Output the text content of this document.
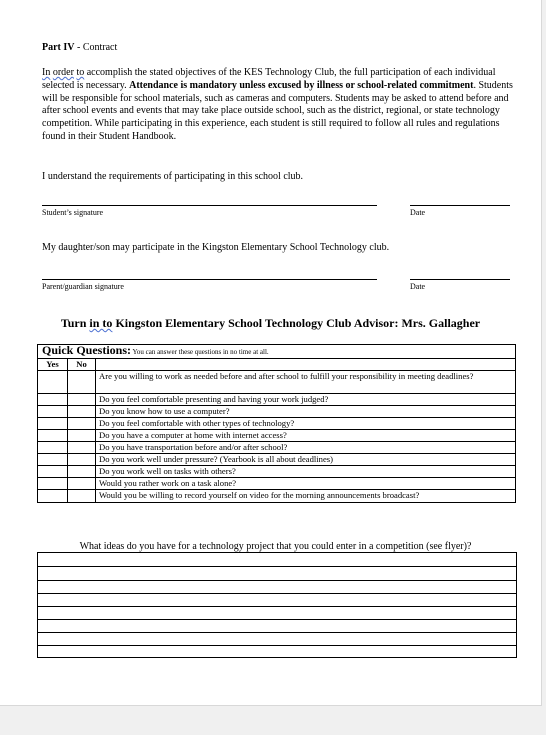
Part IV - Contract
In order to accomplish the stated objectives of the KES Technology Club, the full participation of each individual selected is necessary. Attendance is mandatory unless excused by illness or school-related commitment. Students will be responsible for school materials, such as cameras and computers. Students may be asked to attend before and after school events and events that may take place outside school, such as the district, regional, or state technology competition. While participating in this experience, each student is still required to follow all rules and regulations found in their Student Handbook.
I understand the requirements of participating in this school club.
Student’s signature	Date
My daughter/son may participate in the Kingston Elementary School Technology club.
Parent/guardian signature	Date
Turn in to Kingston Elementary School Technology Club Advisor: Mrs. Gallagher
Quick Questions: You can answer these questions in no time at all.		
Yes	No	
		Are you willing to work as needed before and after school to fulfill your responsibility in meeting deadlines?
		Do you feel comfortable presenting and having your work judged?
		Do you know how to use a computer?
		Do you feel comfortable with other types of technology?
		Do you have a computer at home with internet access?
		Do you have transportation before and/or after school?
		Do you work well under pressure? (Yearbook is all about deadlines)
		Do you work well on tasks with others?
		Would you rather work on a task alone?
		Would you be willing to record yourself on video for the morning announcements broadcast?
What ideas do you have for a technology project that you could enter in a competition (see flyer)?
